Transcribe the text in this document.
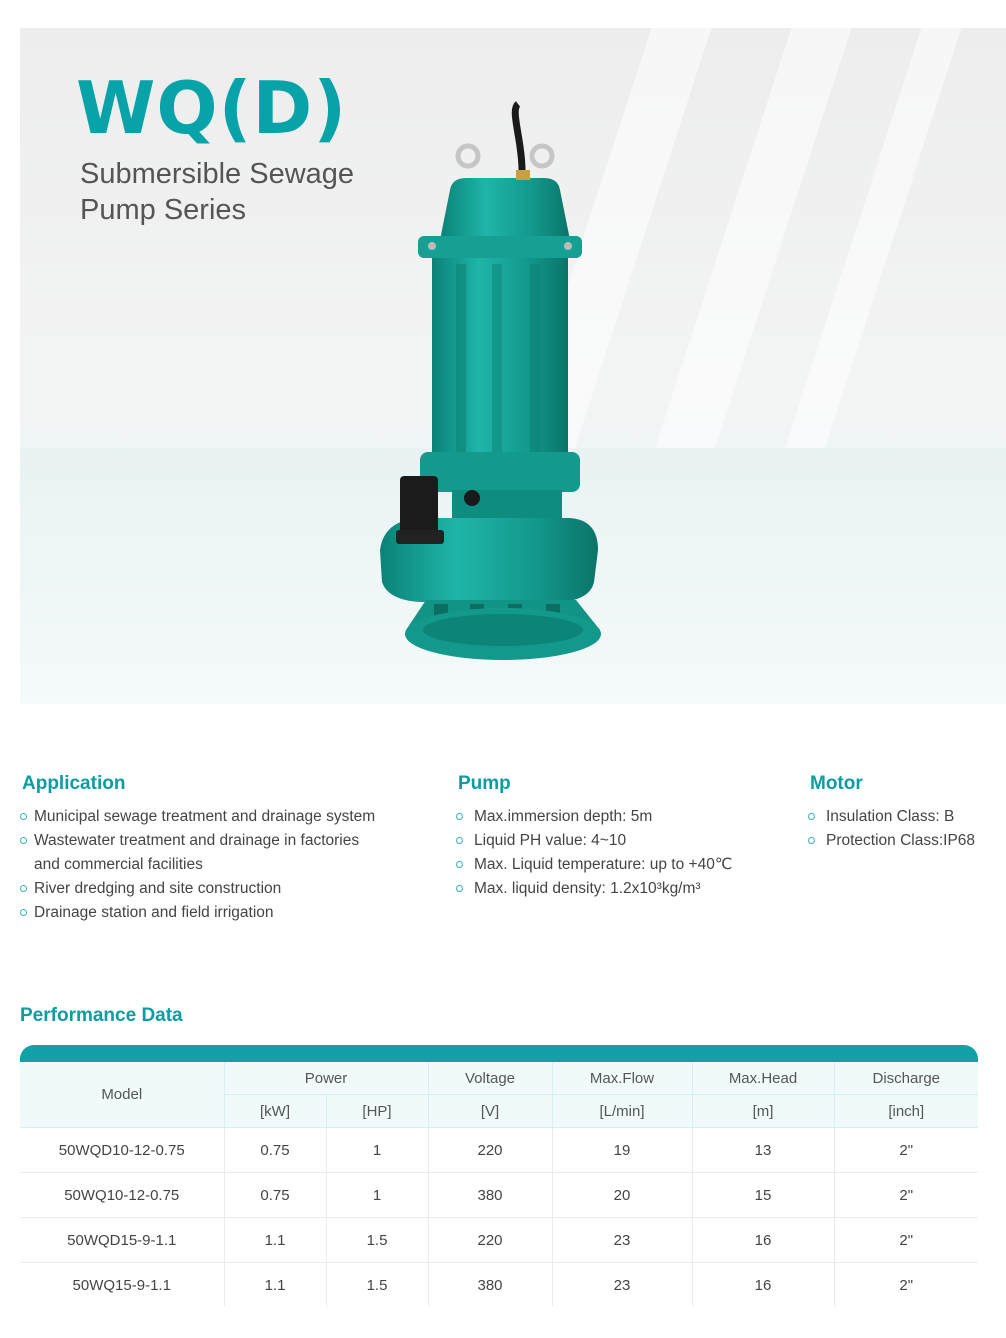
WQ(D)
Submersible Sewage
Pump Series
Application
Municipal sewage treatment and drainage system
Wastewater treatment and drainage in factories
and commercial facilities
River dredging and site construction
Drainage station and field irrigation
Pump
Max.immersion depth: 5m
Liquid PH value: 4~10
Max. Liquid temperature: up to +40℃
Max. liquid density: 1.2x10³kg/m³
Motor
Insulation Class: B
Protection Class:IP68
Performance Data
Model	Power		Voltage	Max.Flow	Max.Head	Discharge
	[kW]	[HP]	[V]	[L/min]	[m]	[inch]
50WQD10-12-0.75	0.75	1	220	19	13	2"
50WQ10-12-0.75	0.75	1	380	20	15	2"
50WQD15-9-1.1	1.1	1.5	220	23	16	2"
50WQ15-9-1.1	1.1	1.5	380	23	16	2"
